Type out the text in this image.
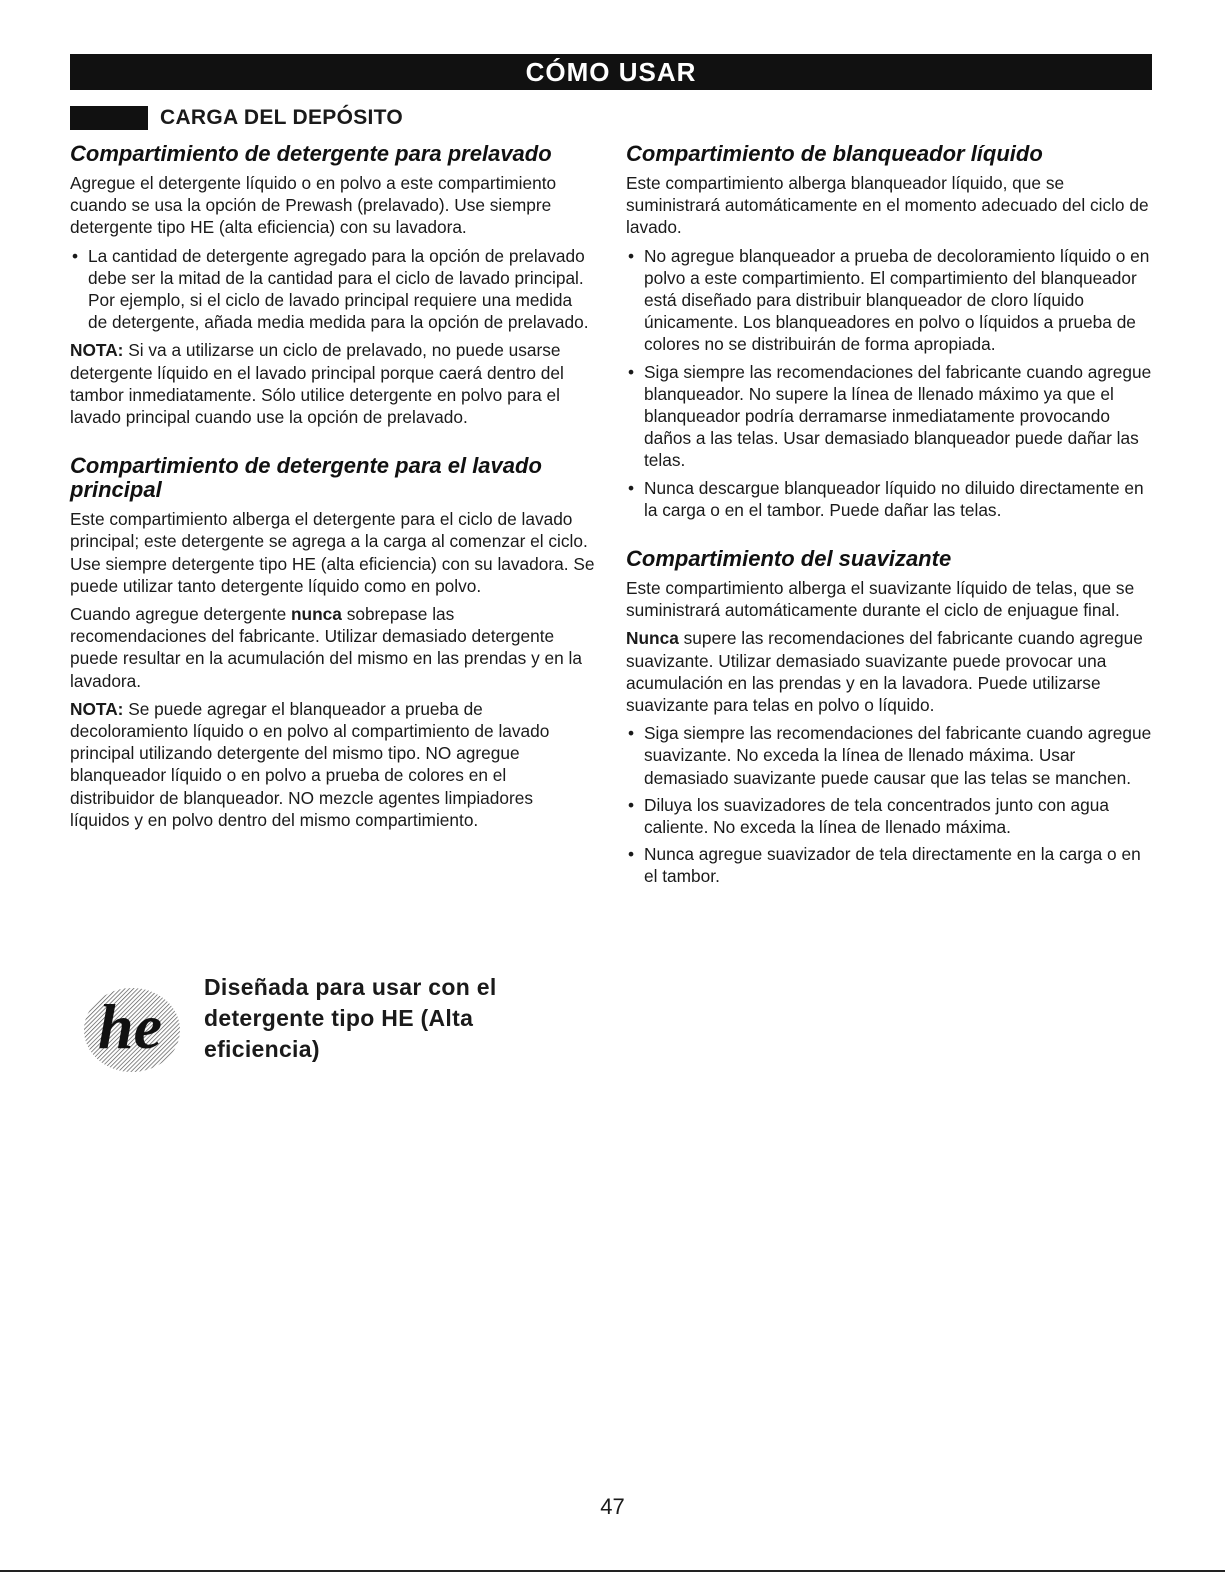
CÓMO USAR
CARGA DEL DEPÓSITO
Compartimiento de detergente para prelavado

Agregue el detergente líquido o en polvo a este compartimiento cuando se usa la opción de Prewash (prelavado). Use siempre detergente tipo HE (alta eficiencia) con su lavadora.

• La cantidad de detergente agregado para la opción de prelavado debe ser la mitad de la cantidad para el ciclo de lavado principal. Por ejemplo, si el ciclo de lavado principal requiere una medida de detergente, añada media medida para la opción de prelavado.

NOTA: Si va a utilizarse un ciclo de prelavado, no puede usarse detergente líquido en el lavado principal porque caerá dentro del tambor inmediatamente. Sólo utilice detergente en polvo para el lavado principal cuando use la opción de prelavado.

Compartimiento de detergente para el lavado principal

Este compartimiento alberga el detergente para el ciclo de lavado principal; este detergente se agrega a la carga al comenzar el ciclo. Use siempre detergente tipo HE (alta eficiencia) con su lavadora. Se puede utilizar tanto detergente líquido como en polvo.

Cuando agregue detergente nunca sobrepase las recomendaciones del fabricante. Utilizar demasiado detergente puede resultar en la acumulación del mismo en las prendas y en la lavadora.

NOTA: Se puede agregar el blanqueador a prueba de decoloramiento líquido o en polvo al compartimiento de lavado principal utilizando detergente del mismo tipo. NO agregue blanqueador líquido o en polvo a prueba de colores en el distribuidor de blanqueador. NO mezcle agentes limpiadores líquidos y en polvo dentro del mismo compartimiento.

he
Diseñada para usar con el detergente tipo HE (Alta eficiencia)
Compartimiento de blanqueador líquido

Este compartimiento alberga blanqueador líquido, que se suministrará automáticamente en el momento adecuado del ciclo de lavado.

• No agregue blanqueador a prueba de decoloramiento líquido o en polvo a este compartimiento. El compartimiento del blanqueador está diseñado para distribuir blanqueador de cloro líquido únicamente. Los blanqueadores en polvo o líquidos a prueba de colores no se distribuirán de forma apropiada.
• Siga siempre las recomendaciones del fabricante cuando agregue blanqueador. No supere la línea de llenado máximo ya que el blanqueador podría derramarse inmediatamente provocando daños a las telas. Usar demasiado blanqueador puede dañar las telas.
• Nunca descargue blanqueador líquido no diluido directamente en la carga o en el tambor. Puede dañar las telas.
Compartimiento del suavizante

Este compartimiento alberga el suavizante líquido de telas, que se suministrará automáticamente durante el ciclo de enjuague final.

Nunca supere las recomendaciones del fabricante cuando agregue suavizante. Utilizar demasiado suavizante puede provocar una acumulación en las prendas y en la lavadora. Puede utilizarse suavizante para telas en polvo o líquido.

• Siga siempre las recomendaciones del fabricante cuando agregue suavizante. No exceda la línea de llenado máxima. Usar demasiado suavizante puede causar que las telas se manchen.
• Diluya los suavizadores de tela concentrados junto con agua caliente. No exceda la línea de llenado máxima.
• Nunca agregue suavizador de tela directamente en la carga o en el tambor.
47
